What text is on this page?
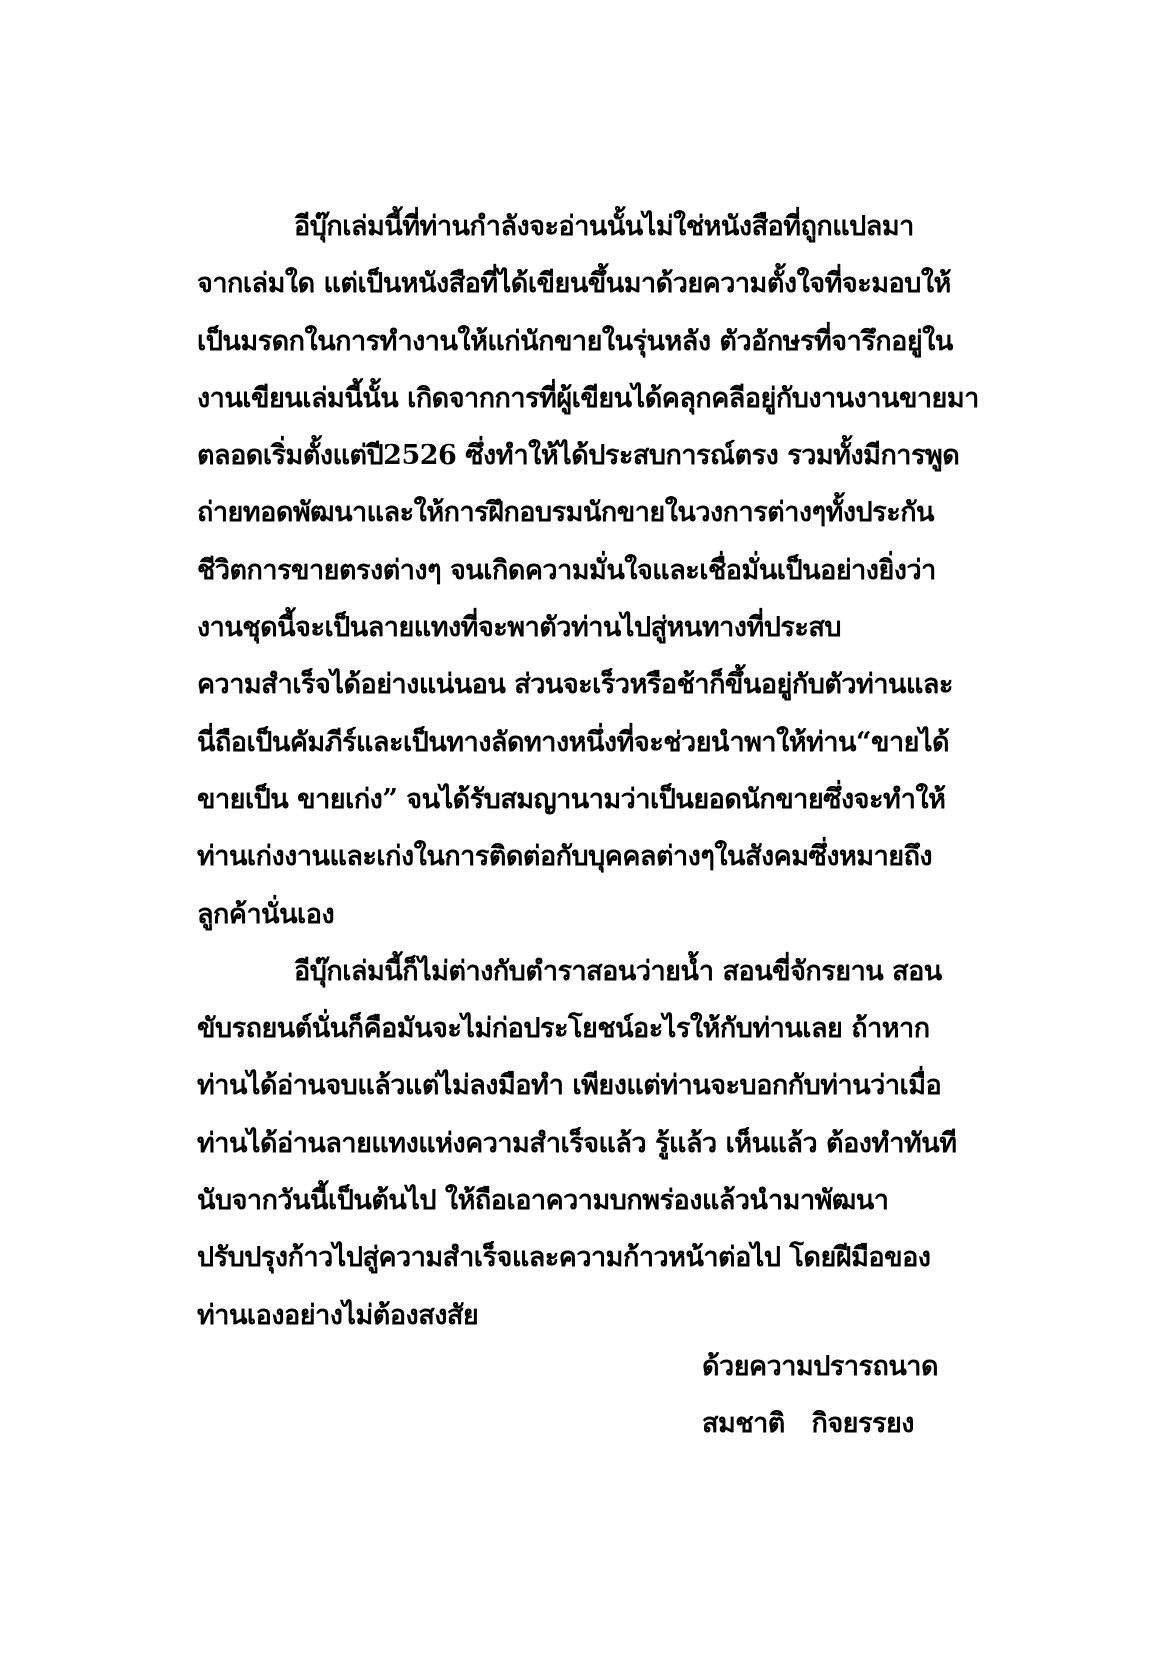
อีบุ๊กเล่มนี้ที่ท่านกำลังจะอ่านนั้นไม่ใช่หนังสือที่ถูกแปลมา
จากเล่มใด แต่เป็นหนังสือที่ได้เขียนขึ้นมาด้วยความตั้งใจที่จะมอบให้
เป็นมรดกในการทำงานให้แก่นักขายในรุ่นหลัง ตัวอักษรที่จารึกอยู่ใน
งานเขียนเล่มนี้นั้น เกิดจากการที่ผู้เขียนได้คลุกคลีอยู่กับงานงานขายมา
ตลอดเริ่มตั้งแต่ปี2526 ซึ่งทำให้ได้ประสบการณ์ตรง รวมทั้งมีการพูด
ถ่ายทอดพัฒนาและให้การฝึกอบรมนักขายในวงการต่างๆทั้งประกัน
ชีวิตการขายตรงต่างๆ จนเกิดความมั่นใจและเชื่อมั่นเป็นอย่างยิ่งว่า
งานชุดนี้จะเป็นลายแทงที่จะพาตัวท่านไปสู่หนทางที่ประสบ
ความสำเร็จได้อย่างแน่นอน ส่วนจะเร็วหรือช้าก็ขึ้นอยู่กับตัวท่านและ
นี่ถือเป็นคัมภีร์และเป็นทางลัดทางหนึ่งที่จะช่วยนำพาให้ท่าน“ขายได้
ขายเป็น ขายเก่ง” จนได้รับสมญานามว่าเป็นยอดนักขายซึ่งจะทำให้
ท่านเก่งงานและเก่งในการติดต่อกับบุคคลต่างๆในสังคมซึ่งหมายถึง
ลูกค้านั่นเอง
อีบุ๊กเล่มนี้ก็ไม่ต่างกับตำราสอนว่ายน้ำ สอนขี่จักรยาน สอน
ขับรถยนต์นั่นก็คือมันจะไม่ก่อประโยชน์อะไรให้กับท่านเลย ถ้าหาก
ท่านได้อ่านจบแล้วแต่ไม่ลงมือทำ เพียงแต่ท่านจะบอกกับท่านว่าเมื่อ
ท่านได้อ่านลายแทงแห่งความสำเร็จแล้ว รู้แล้ว เห็นแล้ว ต้องทำทันที
นับจากวันนี้เป็นต้นไป ให้ถือเอาความบกพร่องแล้วนำมาพัฒนา
ปรับปรุงก้าวไปสู่ความสำเร็จและความก้าวหน้าต่อไป โดยฝีมือของ
ท่านเองอย่างไม่ต้องสงสัย
ด้วยความปรารถนาด
สมชาติ   กิจยรรยง
